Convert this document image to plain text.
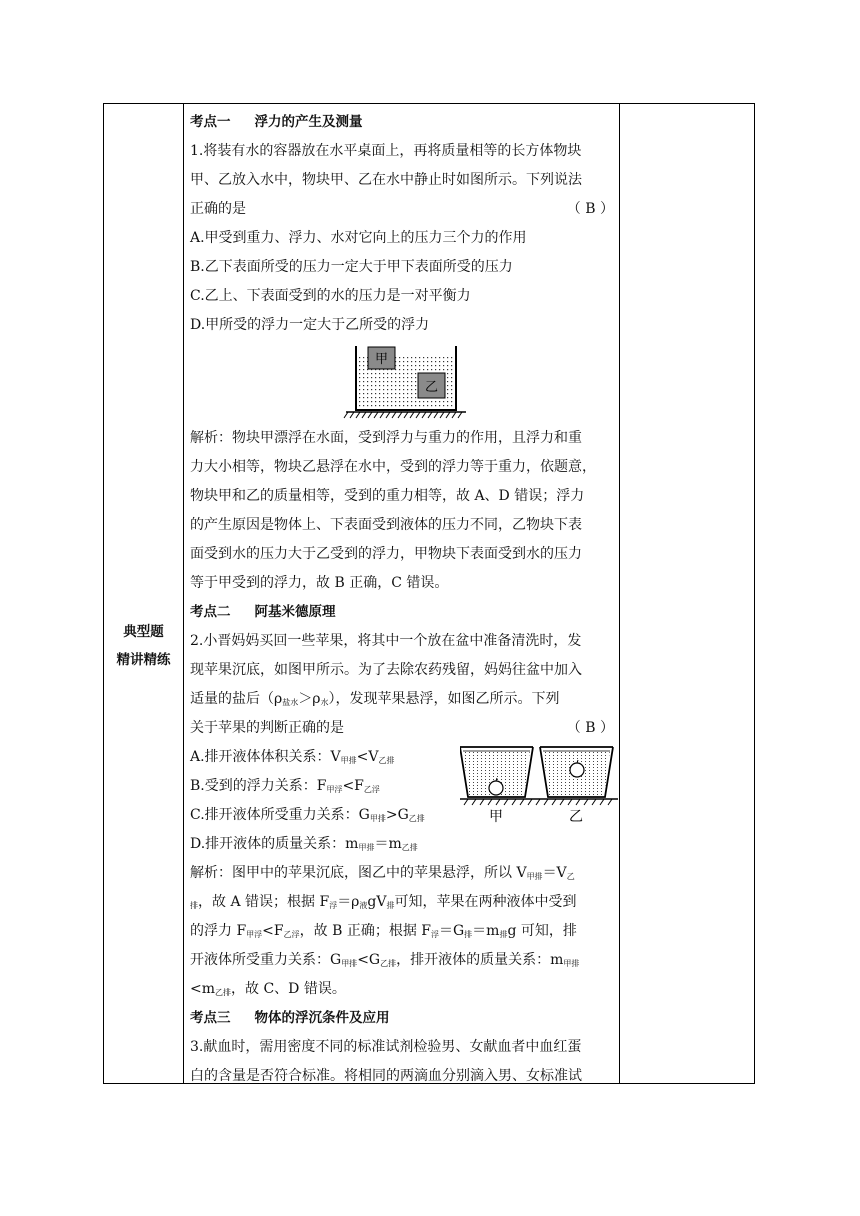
典型题
精讲精练
考点一 浮力的产生及测量
1.将装有水的容器放在水平桌面上，再将质量相等的长方体物块
甲、乙放入水中，物块甲、乙在水中静止时如图所示。下列说法
正确的是	（ B ）
A.甲受到重力、浮力、水对它向上的压力三个力的作用
B.乙下表面所受的压力一定大于甲下表面所受的压力
C.乙上、下表面受到的水的压力是一对平衡力
D.甲所受的浮力一定大于乙所受的浮力
甲
乙
解析：物块甲漂浮在水面，受到浮力与重力的作用，且浮力和重
力大小相等，物块乙悬浮在水中，受到的浮力等于重力，依题意，
物块甲和乙的质量相等，受到的重力相等，故 A、D 错误；浮力
的产生原因是物体上、下表面受到液体的压力不同，乙物块下表
面受到水的压力大于乙受到的浮力，甲物块下表面受到水的压力
等于甲受到的浮力，故 B 正确，C 错误。
考点二 阿基米德原理
2.小晋妈妈买回一些苹果，将其中一个放在盆中准备清洗时，发
现苹果沉底，如图甲所示。为了去除农药残留，妈妈往盆中加入
适量的盐后$(\rho_{盐水}>\rho_水)$，发现苹果悬浮，如图乙所示。下列
关于苹果的判断正确的是	（ B ）
A.排开液体体积关系：$V_{甲排}<V_{乙排}$
B.受到的浮力关系：$F_{甲浮}<F_{乙浮}$
C.排开液体所受重力关系：$G_{甲排}>G_{乙排}$
D.排开液体的质量关系：$m_{甲排}=m_{乙排}$
甲	乙
解析：图甲中的苹果沉底，图乙中的苹果悬浮，所以 $V_{甲排}=V_乙$
$_排$，故 A 错误；根据 $F_浮=\rho_液gV_排$可知，苹果在两种液体中受到
的浮力 $F_{甲浮}<F_{乙浮}$，故 B 正确；根据 $F_浮=G_排=m_排g$ 可知，排
开液体所受重力关系：$G_{甲排}<G_{乙排}$，排开液体的质量关系：$m_{甲排}$
$<m_{乙排}$，故 C、D 错误。
考点三 物体的浮沉条件及应用
3.献血时，需用密度不同的标准试剂检验男、女献血者中血红蛋
白的含量是否符合标准。将相同的两滴血分别滴入男、女标准试
